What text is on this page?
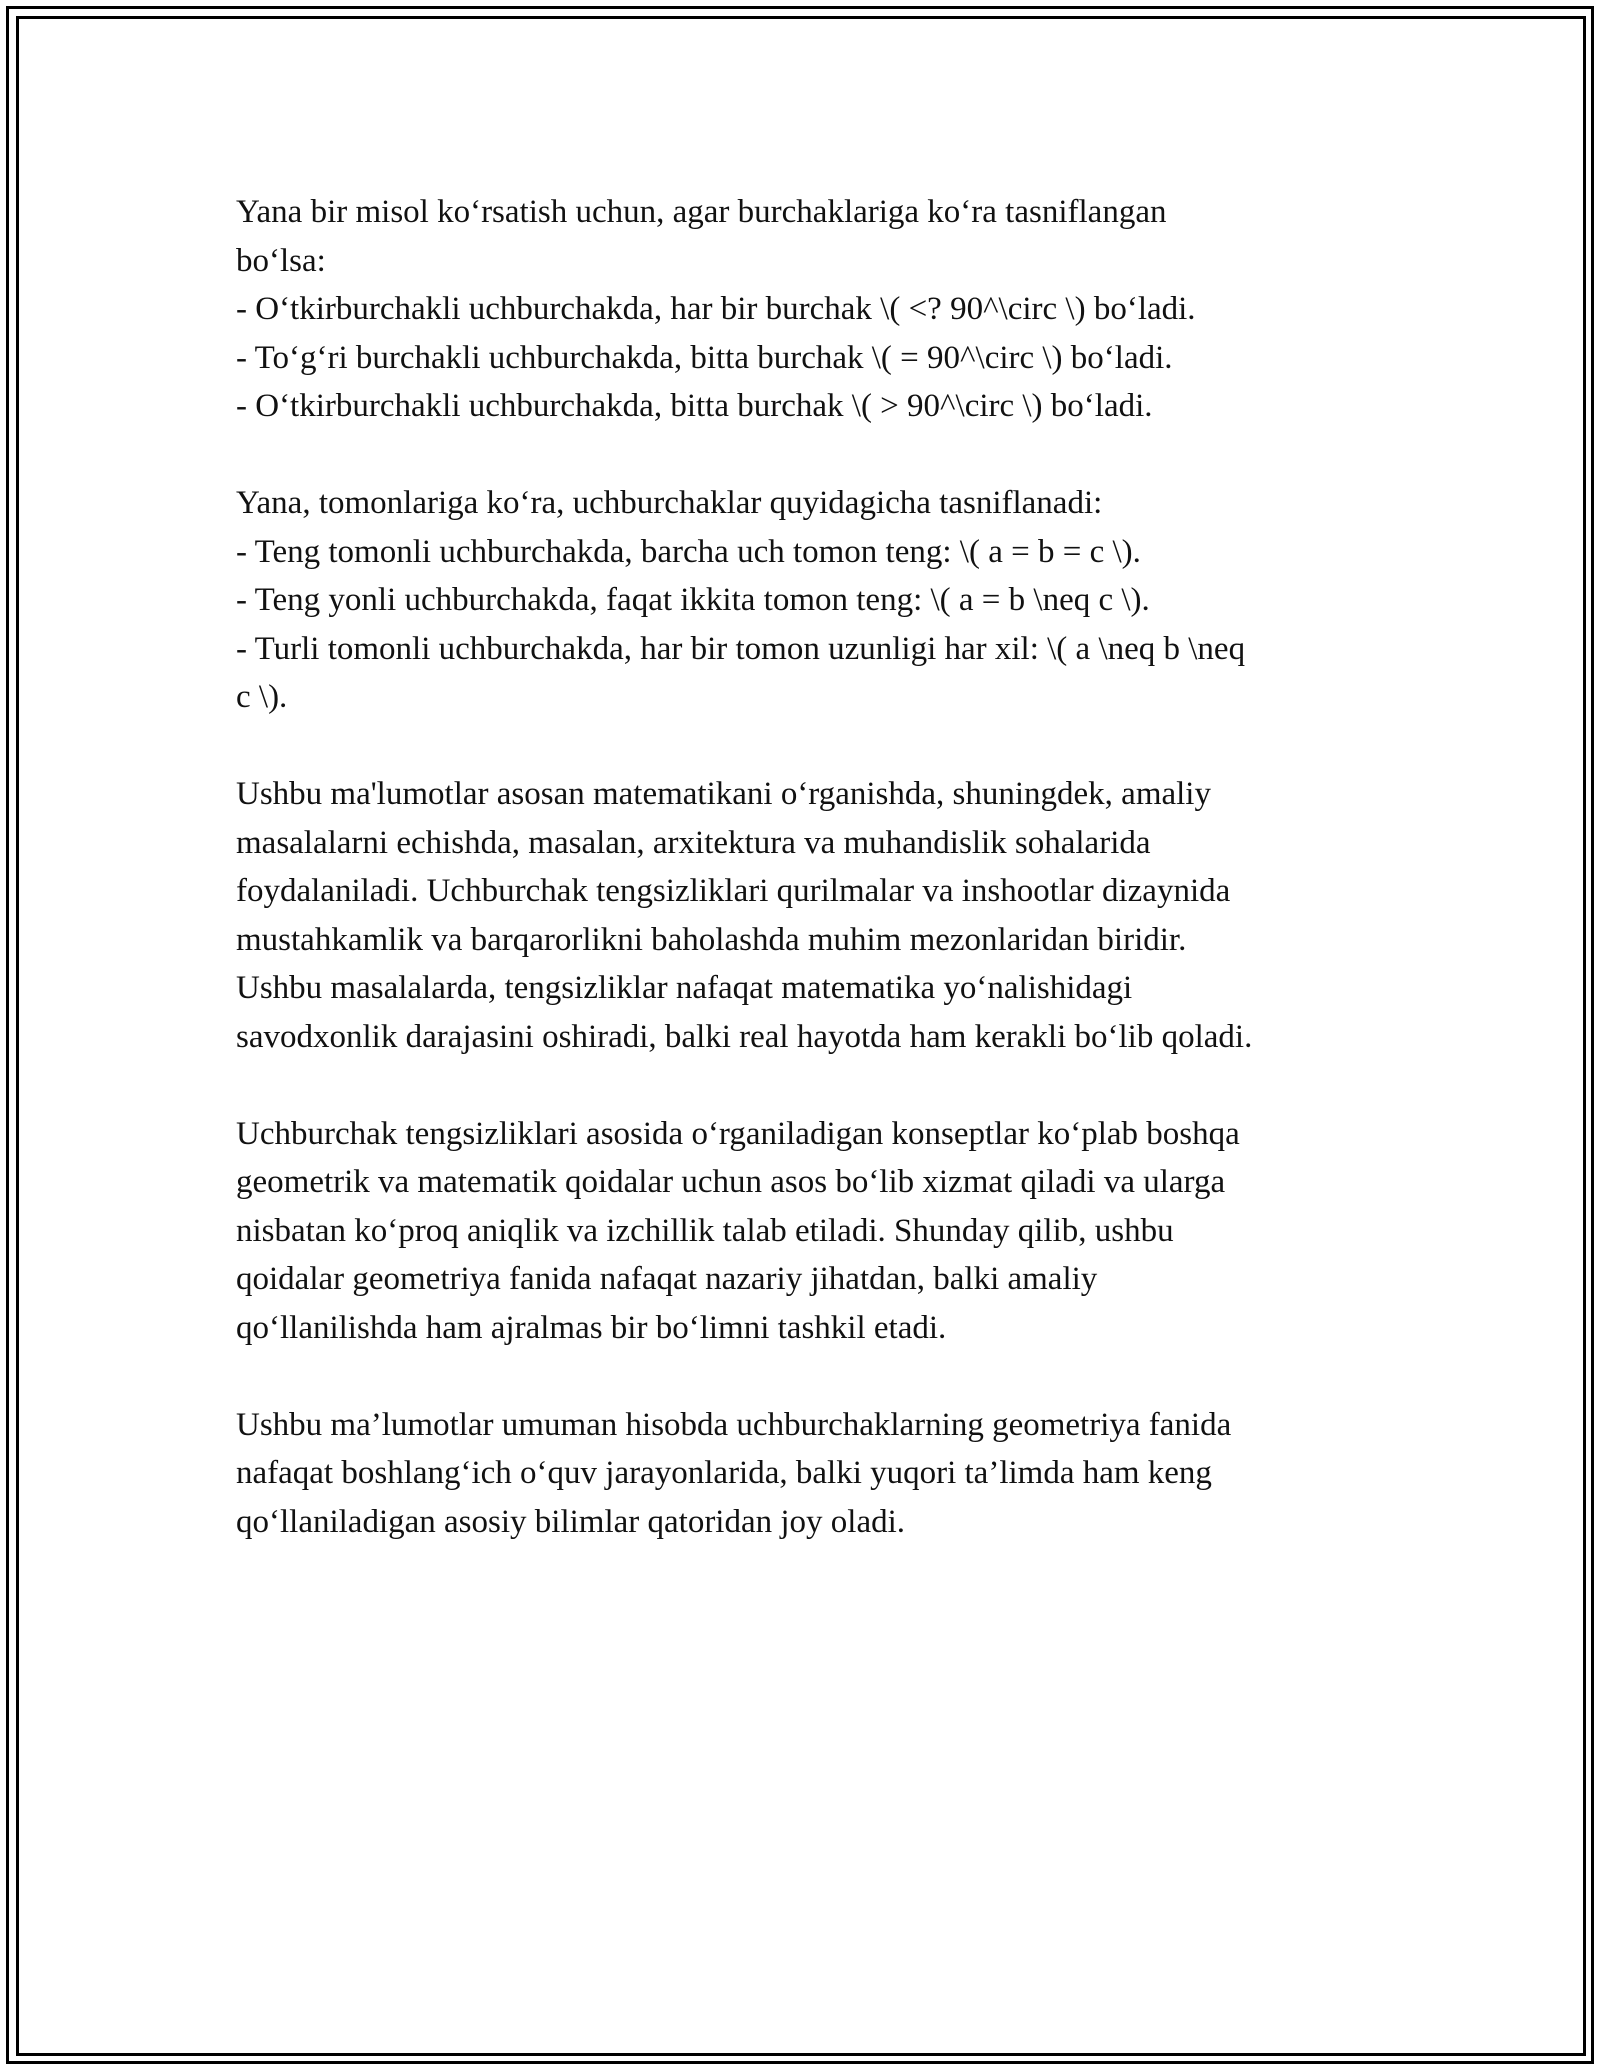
Yana bir misol ko‘rsatish uchun, agar burchaklariga ko‘ra tasniflangan
bo‘lsa:
- O‘tkirburchakli uchburchakda, har bir burchak \( <? 90^\circ \) bo‘ladi.
- To‘g‘ri burchakli uchburchakda, bitta burchak \( = 90^\circ \) bo‘ladi.
- O‘tkirburchakli uchburchakda, bitta burchak \( > 90^\circ \) bo‘ladi.
Yana, tomonlariga ko‘ra, uchburchaklar quyidagicha tasniflanadi:
- Teng tomonli uchburchakda, barcha uch tomon teng: \( a = b = c \).
- Teng yonli uchburchakda, faqat ikkita tomon teng: \( a = b \neq c \).
- Turli tomonli uchburchakda, har bir tomon uzunligi har xil: \( a \neq b \neq
c \).
Ushbu ma'lumotlar asosan matematikani o‘rganishda, shuningdek, amaliy
masalalarni echishda, masalan, arxitektura va muhandislik sohalarida
foydalaniladi. Uchburchak tengsizliklari qurilmalar va inshootlar dizaynida
mustahkamlik va barqarorlikni baholashda muhim mezonlaridan biridir.
Ushbu masalalarda, tengsizliklar nafaqat matematika yo‘nalishidagi
savodxonlik darajasini oshiradi, balki real hayotda ham kerakli bo‘lib qoladi.
Uchburchak tengsizliklari asosida o‘rganiladigan konseptlar ko‘plab boshqa
geometrik va matematik qoidalar uchun asos bo‘lib xizmat qiladi va ularga
nisbatan ko‘proq aniqlik va izchillik talab etiladi. Shunday qilib, ushbu
qoidalar geometriya fanida nafaqat nazariy jihatdan, balki amaliy
qo‘llanilishda ham ajralmas bir bo‘limni tashkil etadi.
Ushbu ma’lumotlar umuman hisobda uchburchaklarning geometriya fanida
nafaqat boshlang‘ich o‘quv jarayonlarida, balki yuqori ta’limda ham keng
qo‘llaniladigan asosiy bilimlar qatoridan joy oladi.
